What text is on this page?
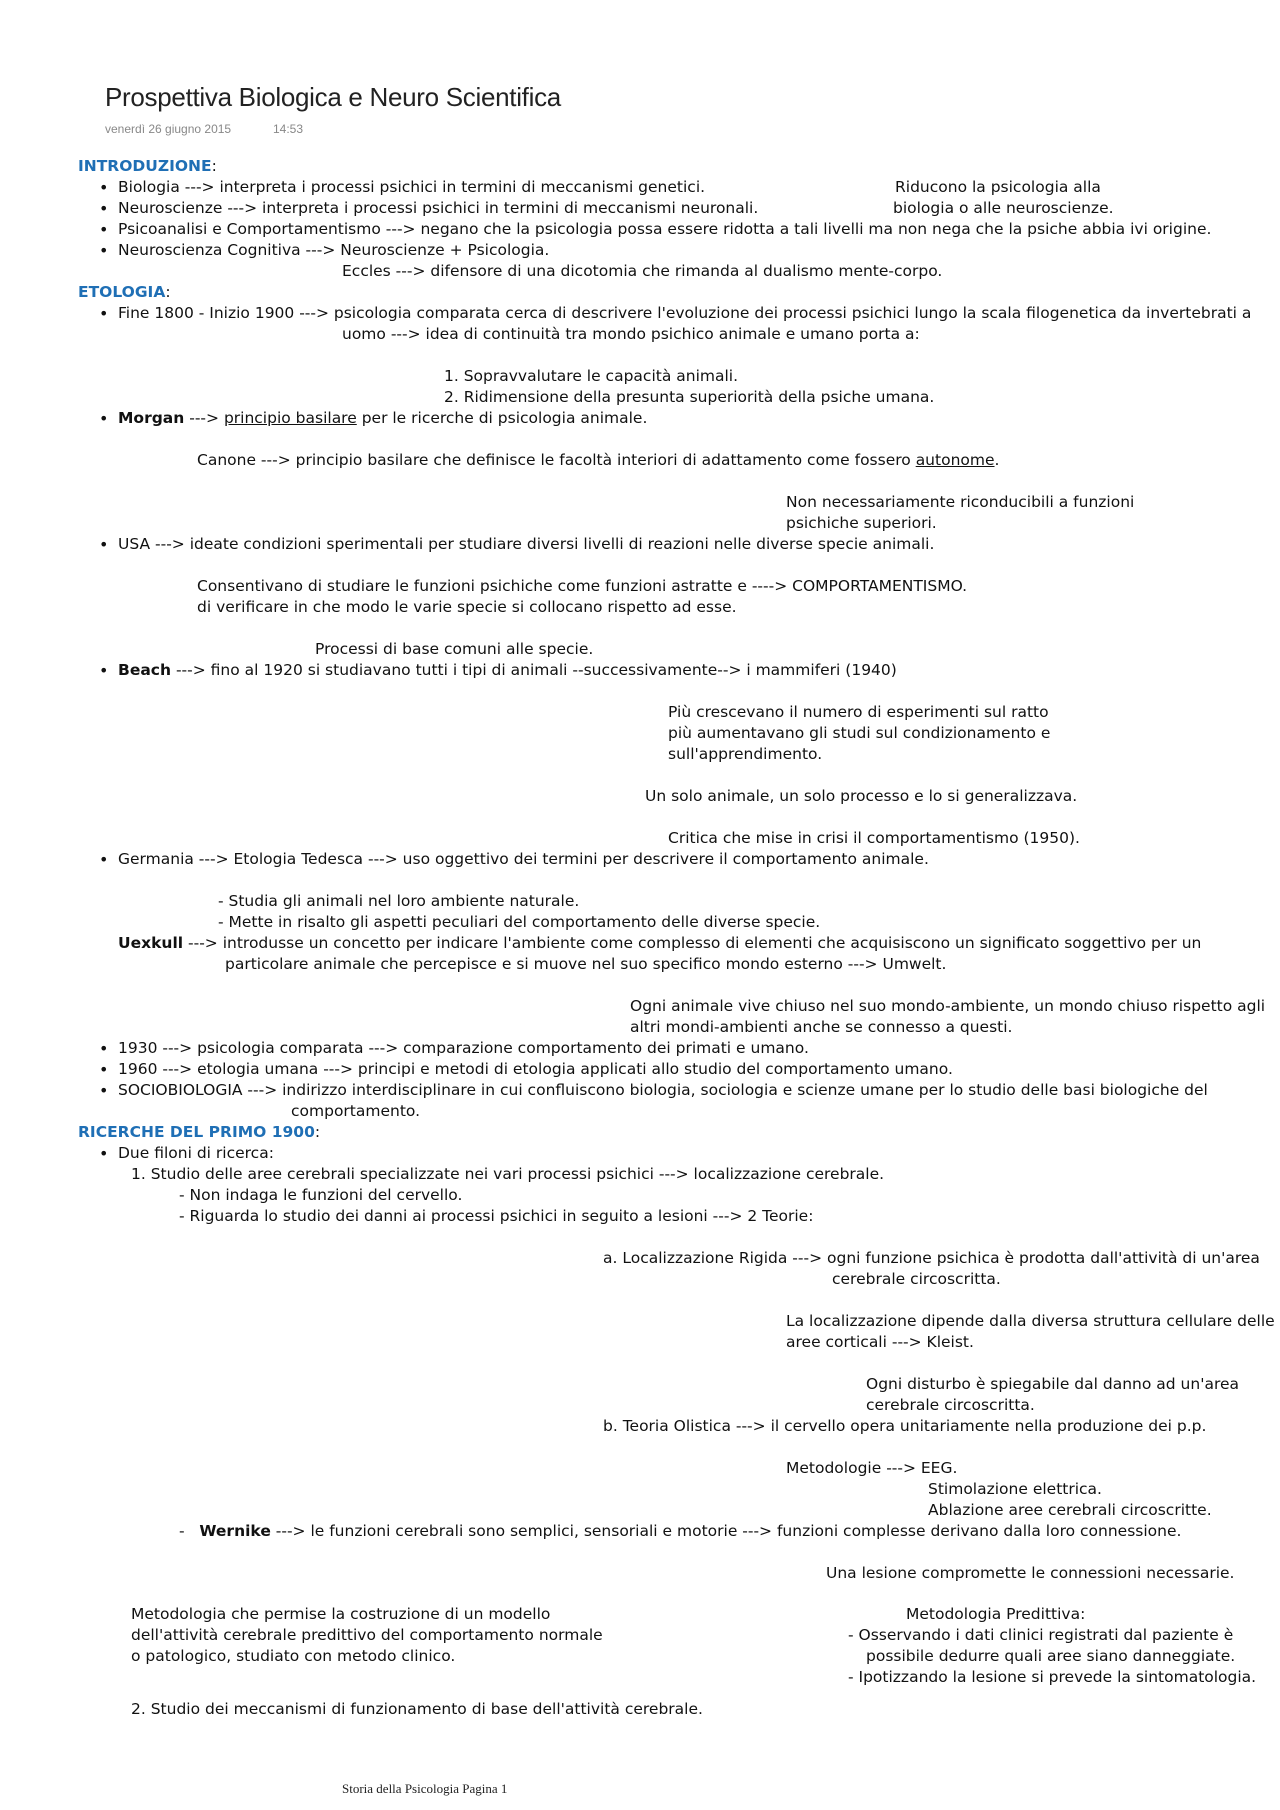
Prospettiva Biologica e Neuro Scientifica
venerdì 26 giugno 2015	14:53
INTRODUZIONE:
• Biologia ---> interpreta i processi psichici in termini di meccanismi genetici.
• Neuroscienze ---> interpreta i processi psichici in termini di meccanismi neuronali.
Riducono la psicologia alla
biologia o alle neuroscienze.
• Psicoanalisi e Comportamentismo ---> negano che la psicologia possa essere ridotta a tali livelli ma non nega che la psiche abbia ivi origine.
• Neuroscienza Cognitiva ---> Neuroscienze + Psicologia.
Eccles ---> difensore di una dicotomia che rimanda al dualismo mente-corpo.
ETOLOGIA:
• Fine 1800 - Inizio 1900 ---> psicologia comparata cerca di descrivere l'evoluzione dei processi psichici lungo la scala filogenetica da invertebrati a
uomo ---> idea di continuità tra mondo psichico animale e umano porta a:
1. Sopravvalutare le capacità animali.
2. Ridimensione della presunta superiorità della psiche umana.
• Morgan ---> principio basilare per le ricerche di psicologia animale.
Canone ---> principio basilare che definisce le facoltà interiori di adattamento come fossero autonome.
Non necessariamente riconducibili a funzioni
psichiche superiori.
• USA ---> ideate condizioni sperimentali per studiare diversi livelli di reazioni nelle diverse specie animali.
Consentivano di studiare le funzioni psichiche come funzioni astratte e ----> COMPORTAMENTISMO.
di verificare in che modo le varie specie si collocano rispetto ad esse.
Processi di base comuni alle specie.
• Beach ---> fino al 1920 si studiavano tutti i tipi di animali --successivamente--> i mammiferi (1940)
Più crescevano il numero di esperimenti sul ratto
più aumentavano gli studi sul condizionamento e
sull'apprendimento.
Un solo animale, un solo processo e lo si generalizzava.
Critica che mise in crisi il comportamentismo (1950).
• Germania ---> Etologia Tedesca ---> uso oggettivo dei termini per descrivere il comportamento animale.
- Studia gli animali nel loro ambiente naturale.
- Mette in risalto gli aspetti peculiari del comportamento delle diverse specie.
Uexkull ---> introdusse un concetto per indicare l'ambiente come complesso di elementi che acquisiscono un significato soggettivo per un
particolare animale che percepisce e si muove nel suo specifico mondo esterno ---> Umwelt.
Ogni animale vive chiuso nel suo mondo-ambiente, un mondo chiuso rispetto agli
altri mondi-ambienti anche se connesso a questi.
• 1930 ---> psicologia comparata ---> comparazione comportamento dei primati e umano.
• 1960 ---> etologia umana ---> principi e metodi di etologia applicati allo studio del comportamento umano.
• SOCIOBIOLOGIA ---> indirizzo interdisciplinare in cui confluiscono biologia, sociologia e scienze umane per lo studio delle basi biologiche del
comportamento.
RICERCHE DEL PRIMO 1900:
• Due filoni di ricerca:
1. Studio delle aree cerebrali specializzate nei vari processi psichici ---> localizzazione cerebrale.
- Non indaga le funzioni del cervello.
- Riguarda lo studio dei danni ai processi psichici in seguito a lesioni ---> 2 Teorie:
a. Localizzazione Rigida ---> ogni funzione psichica è prodotta dall'attività di un'area
cerebrale circoscritta.
La localizzazione dipende dalla diversa struttura cellulare delle
aree corticali ---> Kleist.
Ogni disturbo è spiegabile dal danno ad un'area
cerebrale circoscritta.
b. Teoria Olistica ---> il cervello opera unitariamente nella produzione dei p.p.
Metodologie ---> EEG.
Stimolazione elettrica.
Ablazione aree cerebrali circoscritte.
- Wernike ---> le funzioni cerebrali sono semplici, sensoriali e motorie ---> funzioni complesse derivano dalla loro connessione.
Una lesione compromette le connessioni necessarie.
Metodologia che permise la costruzione di un modello
dell'attività cerebrale predittivo del comportamento normale
o patologico, studiato con metodo clinico.
Metodologia Predittiva:
- Osservando i dati clinici registrati dal paziente è
possibile dedurre quali aree siano danneggiate.
- Ipotizzando la lesione si prevede la sintomatologia.
2. Studio dei meccanismi di funzionamento di base dell'attività cerebrale.
Storia della Psicologia Pagina 1
